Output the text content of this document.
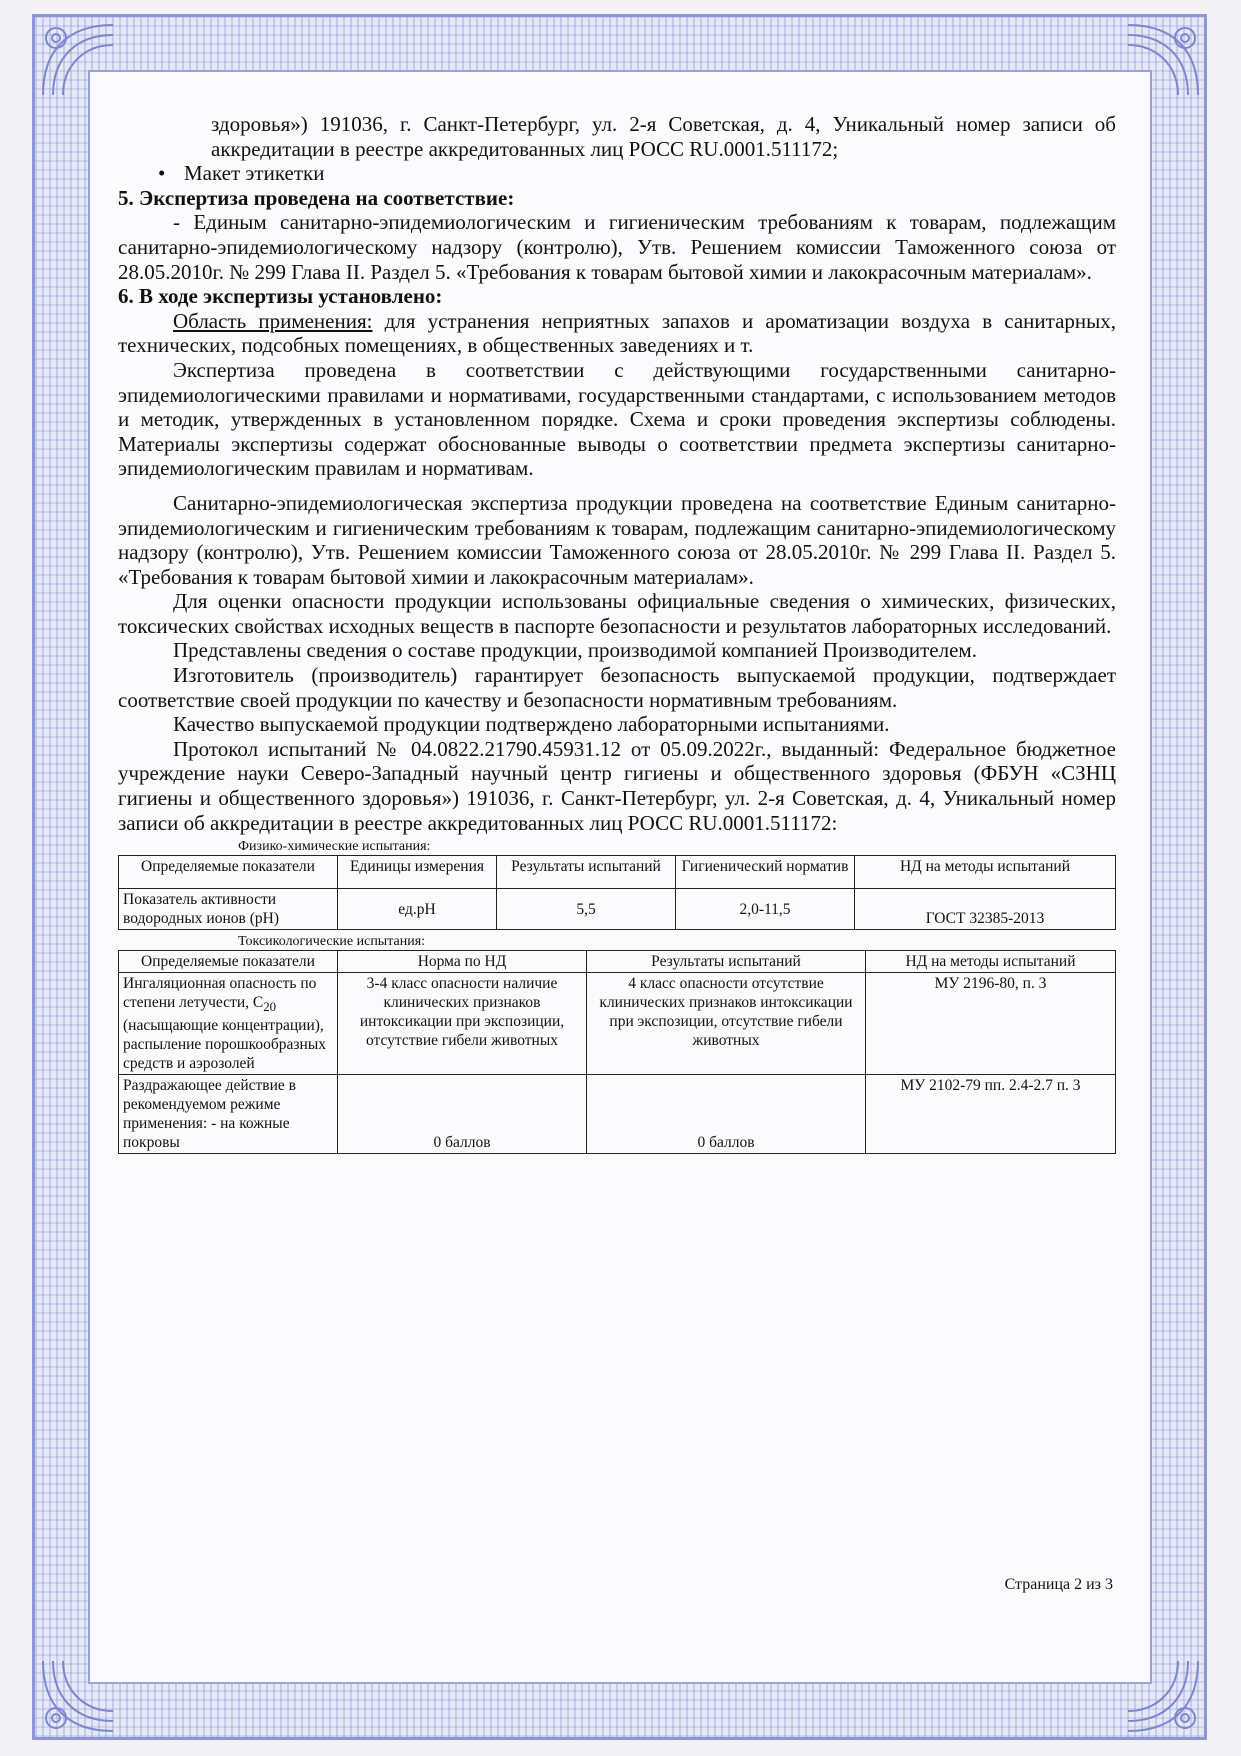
здоровья») 191036, г. Санкт-Петербург, ул. 2-я Советская, д. 4, Уникальный номер записи об аккредитации в реестре аккредитованных лиц РОСС RU.0001.511172;

• Макет этикетки

5. Экспертиза проведена на соответствие:

- Единым санитарно-эпидемиологическим и гигиеническим требованиям к товарам, подлежащим санитарно-эпидемиологическому надзору (контролю), Утв. Решением комиссии Таможенного союза от 28.05.2010г. № 299 Глава II. Раздел 5. «Требования к товарам бытовой химии и лакокрасочным материалам».

6. В ходе экспертизы установлено:

Область применения: для устранения неприятных запахов и ароматизации воздуха в санитарных, технических, подсобных помещениях, в общественных заведениях и т.

Экспертиза проведена в соответствии с действующими государственными санитарно-эпидемиологическими правилами и нормативами, государственными стандартами, с использованием методов и методик, утвержденных в установленном порядке. Схема и сроки проведения экспертизы соблюдены. Материалы экспертизы содержат обоснованные выводы о соответствии предмета экспертизы санитарно-эпидемиологическим правилам и нормативам.

Санитарно-эпидемиологическая экспертиза продукции проведена на соответствие Единым санитарно-эпидемиологическим и гигиеническим требованиям к товарам, подлежащим санитарно-эпидемиологическому надзору (контролю), Утв. Решением комиссии Таможенного союза от 28.05.2010г. № 299 Глава II. Раздел 5. «Требования к товарам бытовой химии и лакокрасочным материалам».

Для оценки опасности продукции использованы официальные сведения о химических, физических, токсических свойствах исходных веществ в паспорте безопасности и результатов лабораторных исследований.

Представлены сведения о составе продукции, производимой компанией Производителем.

Изготовитель (производитель) гарантирует безопасность выпускаемой продукции, подтверждает соответствие своей продукции по качеству и безопасности нормативным требованиям.

Качество выпускаемой продукции подтверждено лабораторными испытаниями.

Протокол испытаний № 04.0822.21790.45931.12 от 05.09.2022г., выданный: Федеральное бюджетное учреждение науки Северо-Западный научный центр гигиены и общественного здоровья (ФБУН «СЗНЦ гигиены и общественного здоровья») 191036, г. Санкт-Петербург, ул. 2-я Советская, д. 4, Уникальный номер записи об аккредитации в реестре аккредитованных лиц РОСС RU.0001.511172:

Физико-химические испытания:
Определяемые показатели	Единицы измерения	Результаты испытаний	Гигиенический норматив	НД на методы испытаний
Показатель активности водородных ионов (pH)	ед.pH	5,5	2,0-11,5	ГОСТ 32385-2013
Токсикологические испытания:
Определяемые показатели	Норма по НД	Результаты испытаний	НД на методы испытаний
Ингаляционная опасность по степени летучести, $C_{20}$ (насыщающие концентрации), распыление порошкообразных средств и аэрозолей	3-4 класс опасности наличие клинических признаков интоксикации при экспозиции, отсутствие гибели животных	4 класс опасности отсутствие клинических признаков интоксикации при экспозиции, отсутствие гибели животных	МУ 2196-80, п. 3
Раздражающее действие в рекомендуемом режиме применения: - на кожные покровы	0 баллов	0 баллов	МУ 2102-79 пп. 2.4-2.7 п. 3
Страница 2 из 3
